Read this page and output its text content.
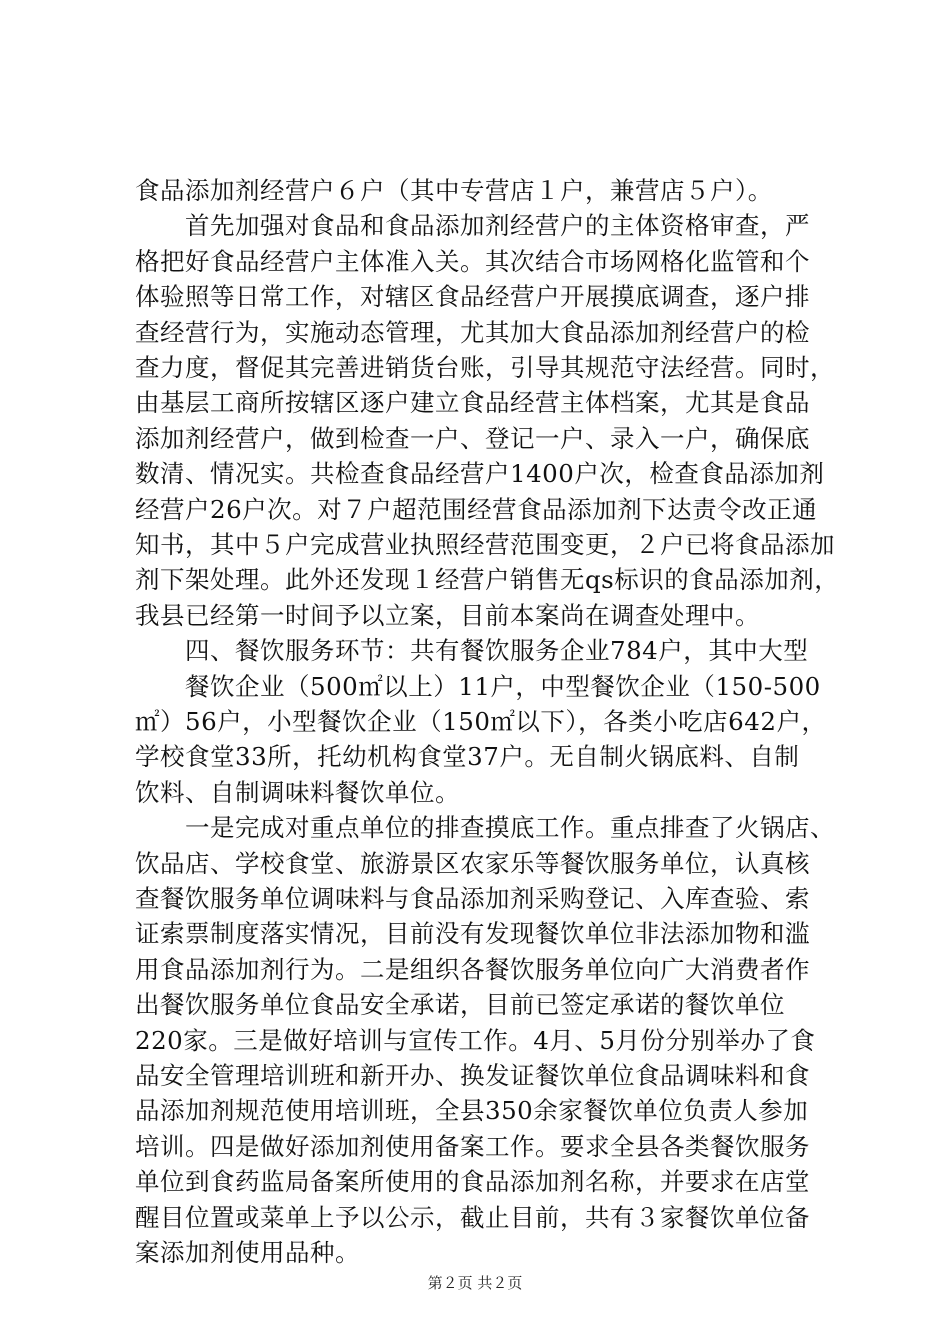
食品添加剂经营户６户（其中专营店１户，兼营店５户）。
　　首先加强对食品和食品添加剂经营户的主体资格审查，严
格把好食品经营户主体准入关。其次结合市场网格化监管和个
体验照等日常工作，对辖区食品经营户开展摸底调查，逐户排
查经营行为，实施动态管理，尤其加大食品添加剂经营户的检
查力度，督促其完善进销货台账，引导其规范守法经营。同时，
由基层工商所按辖区逐户建立食品经营主体档案，尤其是食品
添加剂经营户，做到检查一户、登记一户、录入一户，确保底
数清、情况实。共检查食品经营户1400户次，检查食品添加剂
经营户26户次。对７户超范围经营食品添加剂下达责令改正通
知书，其中５户完成营业执照经营范围变更，２户已将食品添加
剂下架处理。此外还发现１经营户销售无qs标识的食品添加剂，
我县已经第一时间予以立案，目前本案尚在调查处理中。
　　四、餐饮服务环节：共有餐饮服务企业784户，其中大型
　　餐饮企业（500㎡以上）11户，中型餐饮企业（150-500
㎡）56户，小型餐饮企业（150㎡以下），各类小吃店642户，
学校食堂33所，托幼机构食堂37户。无自制火锅底料、自制
饮料、自制调味料餐饮单位。
　　一是完成对重点单位的排查摸底工作。重点排查了火锅店、
饮品店、学校食堂、旅游景区农家乐等餐饮服务单位，认真核
查餐饮服务单位调味料与食品添加剂采购登记、入库查验、索
证索票制度落实情况，目前没有发现餐饮单位非法添加物和滥
用食品添加剂行为。二是组织各餐饮服务单位向广大消费者作
出餐饮服务单位食品安全承诺，目前已签定承诺的餐饮单位
220家。三是做好培训与宣传工作。4月、5月份分别举办了食
品安全管理培训班和新开办、换发证餐饮单位食品调味料和食
品添加剂规范使用培训班，全县350余家餐饮单位负责人参加
培训。四是做好添加剂使用备案工作。要求全县各类餐饮服务
单位到食药监局备案所使用的食品添加剂名称，并要求在店堂
醒目位置或菜单上予以公示，截止目前，共有３家餐饮单位备
第２页 共２页
案添加剂使用品种。
